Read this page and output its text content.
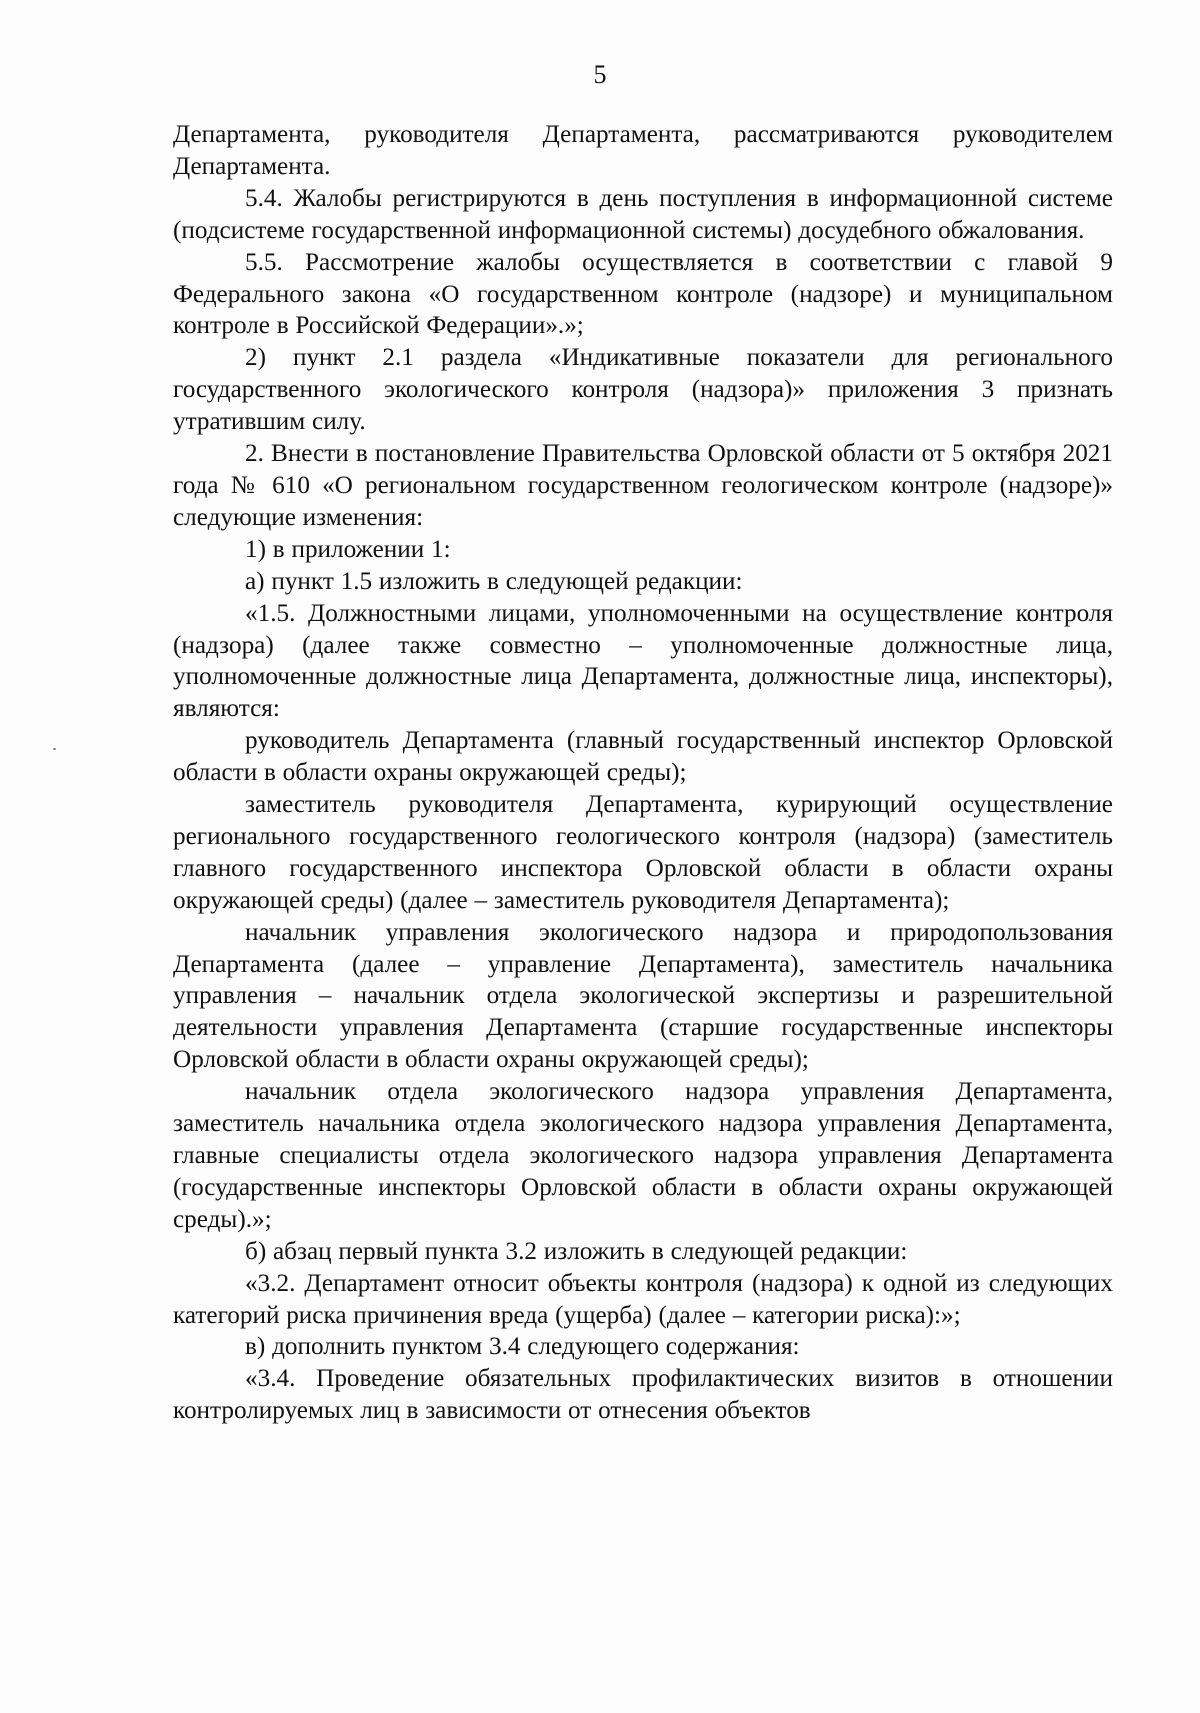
5

Департамента, руководителя Департамента, рассматриваются руководителем Департамента.

5.4. Жалобы регистрируются в день поступления в информационной системе (подсистеме государственной информационной системы) досудебного обжалования.

5.5. Рассмотрение жалобы осуществляется в соответствии с главой 9 Федерального закона «О государственном контроле (надзоре) и муниципальном контроле в Российской Федерации».»;

2) пункт 2.1 раздела «Индикативные показатели для регионального государственного экологического контроля (надзора)» приложения 3 признать утратившим силу.

2. Внести в постановление Правительства Орловской области от 5 октября 2021 года № 610 «О региональном государственном геологическом контроле (надзоре)» следующие изменения:

1) в приложении 1:

а) пункт 1.5 изложить в следующей редакции:

«1.5. Должностными лицами, уполномоченными на осуществление контроля (надзора) (далее также совместно – уполномоченные должностные лица, уполномоченные должностные лица Департамента, должностные лица, инспекторы), являются:

руководитель Департамента (главный государственный инспектор Орловской области в области охраны окружающей среды);

заместитель руководителя Департамента, курирующий осуществление регионального государственного геологического контроля (надзора) (заместитель главного государственного инспектора Орловской области в области охраны окружающей среды) (далее – заместитель руководителя Департамента);

начальник управления экологического надзора и природопользования Департамента (далее – управление Департамента), заместитель начальника управления – начальник отдела экологической экспертизы и разрешительной деятельности управления Департамента (старшие государственные инспекторы Орловской области в области охраны окружающей среды);

начальник отдела экологического надзора управления Департамента, заместитель начальника отдела экологического надзора управления Департамента, главные специалисты отдела экологического надзора управления Департамента (государственные инспекторы Орловской области в области охраны окружающей среды).»;

б) абзац первый пункта 3.2 изложить в следующей редакции:

«3.2. Департамент относит объекты контроля (надзора) к одной из следующих категорий риска причинения вреда (ущерба) (далее – категории риска):»;

в) дополнить пунктом 3.4 следующего содержания:

«3.4. Проведение обязательных профилактических визитов в отношении контролируемых лиц в зависимости от отнесения объектов
